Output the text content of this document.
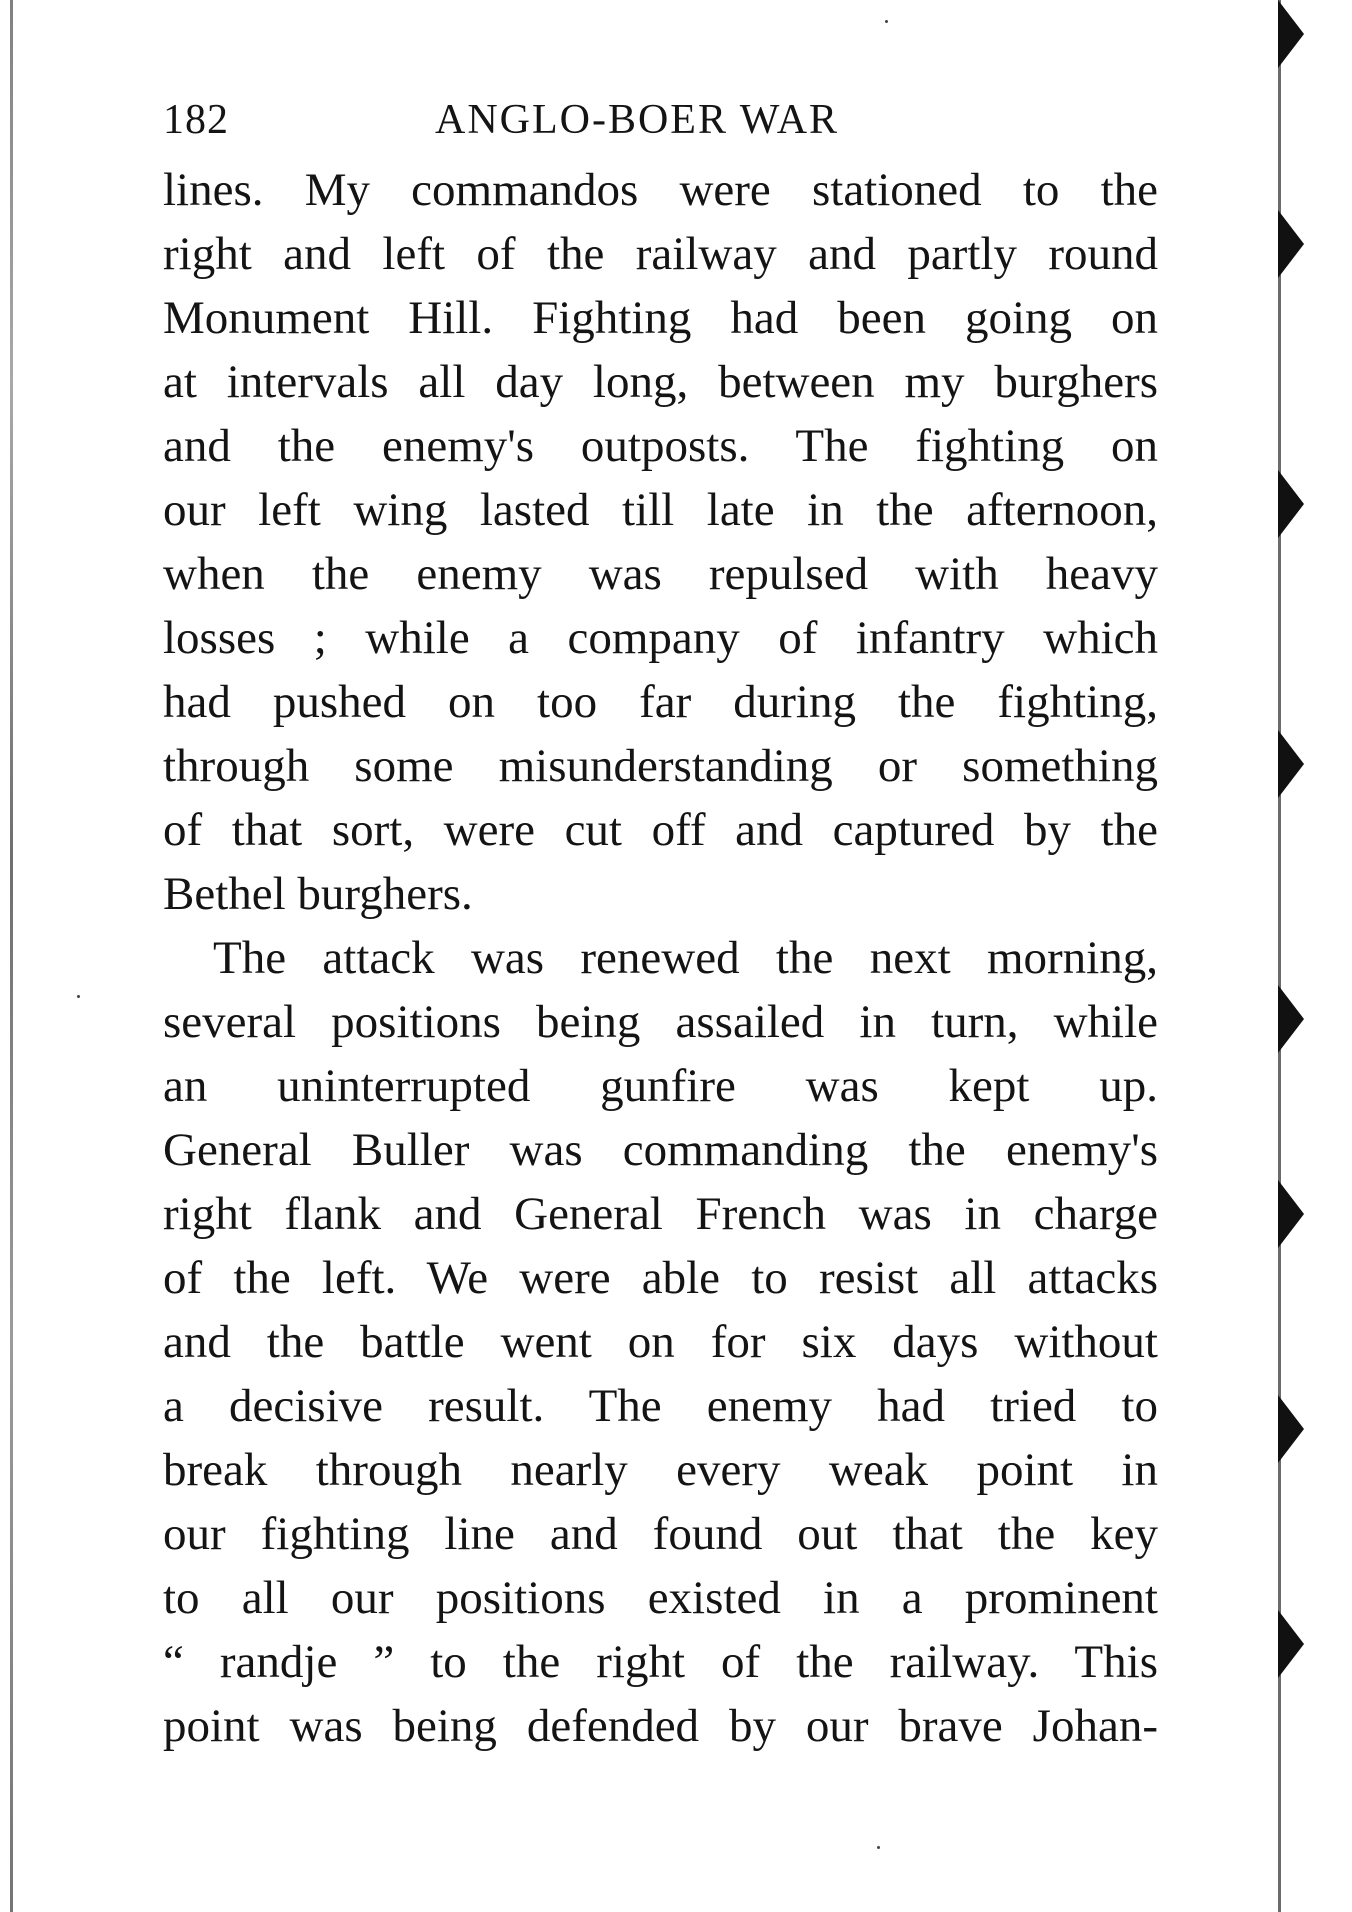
182	ANGLO-BOER WAR
lines. My commandos were stationed to the
right and left of the railway and partly round
Monument Hill. Fighting had been going on
at intervals all day long, between my burghers
and the enemy's outposts. The fighting on
our left wing lasted till late in the afternoon,
when the enemy was repulsed with heavy
losses ; while a company of infantry which
had pushed on too far during the fighting,
through some misunderstanding or something
of that sort, were cut off and captured by the
Bethel burghers.
The attack was renewed the next morning,
several positions being assailed in turn, while
an uninterrupted gunfire was kept up.
General Buller was commanding the enemy's
right flank and General French was in charge
of the left. We were able to resist all attacks
and the battle went on for six days without
a decisive result. The enemy had tried to
break through nearly every weak point in
our fighting line and found out that the key
to all our positions existed in a prominent
“ randje ” to the right of the railway. This
point was being defended by our brave Johan-
